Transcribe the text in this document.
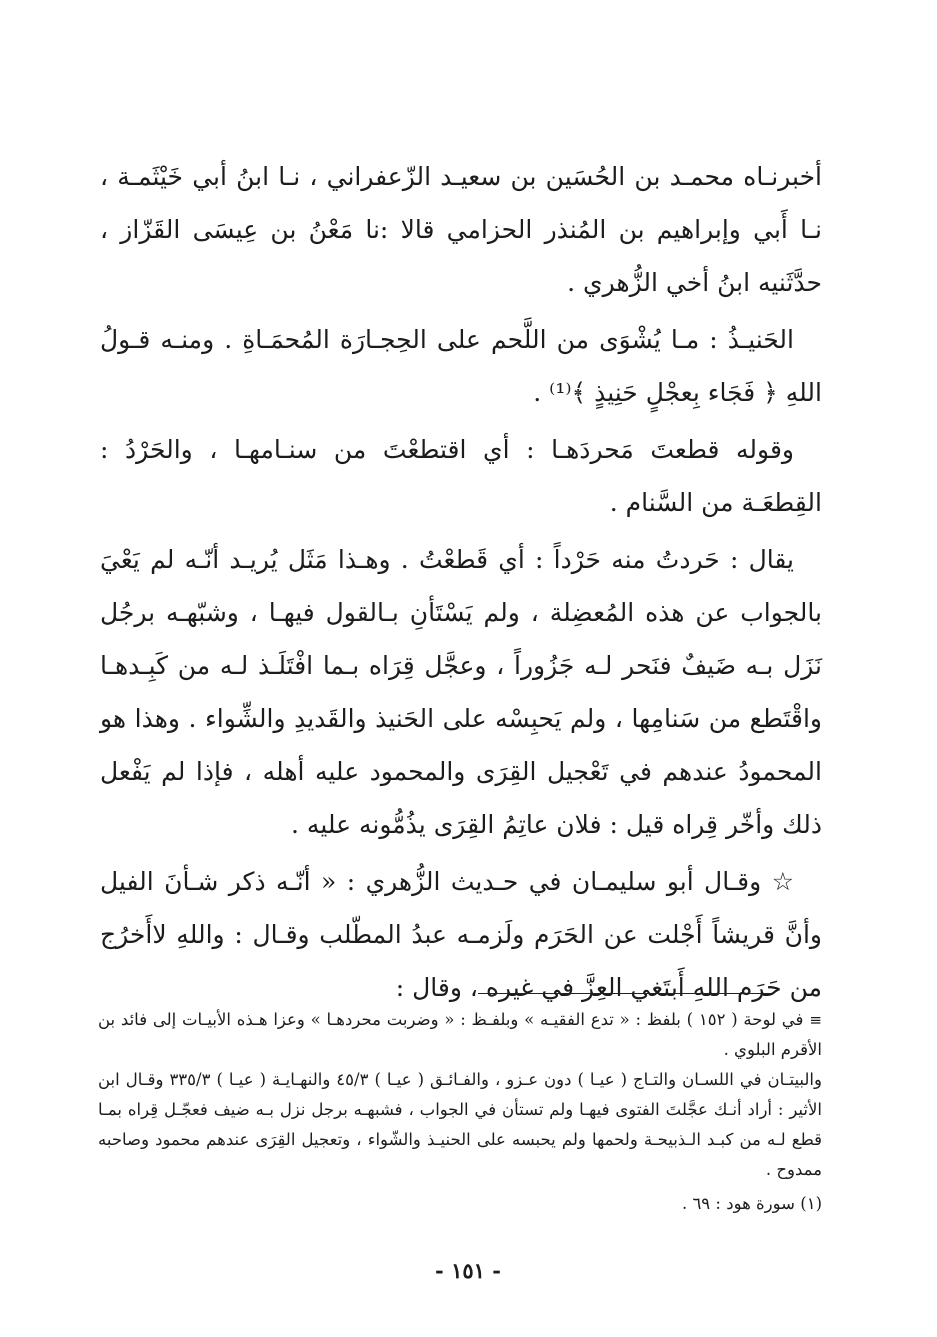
أخبرنـاه محمـد بن الحُسَين بن سعيـد الزّعفراني ، نـا ابنُ أبي خَيْثَمـة ، نـا أَبي وإبراهيم بن المُنذر الحزامي قالا :نا مَعْنُ بن عِيسَى القَزّاز ، حدَّثَنيه ابنُ أخي الزُّهري .

الحَنيـذُ : مـا يُشْوَى من اللَّحم على الحِجـارَة المُحمَـاةِ . ومنـه قـولُ اللهِ ﴿ فَجَاء بِعجْلٍ حَنِيذٍ ﴾⁽¹⁾ .

وقوله قطعتَ مَحردَهـا : أي اقتطعْتَ من سنـامهـا ، والحَرْدُ : القِطعَـة من السَّنام .

يقال : حَردتُ منه حَرْداً : أي قَطعْتُ . وهـذا مَثَل يُريـد أنّـه لم يَعْيَ بالجواب عن هذه المُعضِلة ، ولم يَسْتَأنِ بـالقول فيهـا ، وشبّهـه برجُل نَزَل بـه ضَيفٌ فنَحر لـه جَزُوراً ، وعجَّل قِرَاه بـما افْتَلَـذ لـه من كَبِـدهـا واقْتَطع من سَنامِها ، ولم يَحبِسْه على الحَنيذ والقَديدِ والشِّواء . وهذا هو المحمودُ عندهم في تَعْجيل القِرَى والمحمود عليه أهله ، فإذا لم يَفْعل ذلك وأخّر قِراه قيل : فلان عاتِمُ القِرَى يذُمُّونه عليه .

☆ وقـال أبو سليمـان في حـديث الزُّهري : « أنّـه ذكر شـأنَ الفيل وأنَّ قريشاً أَجْلت عن الحَرَم ولَزمـه عبدُ المطّلب وقـال : واللهِ لاأَخرُج من حَرَم اللهِ أَبتَغي العِزَّ في غيره ، وقال :

≡في لوحة ( ١٥٢ ) بلفظ : « تدع الفقيـه » وبلفـظ : « وضربت محردهـا » وعزا هـذه الأبيـات إلى فائد بن الأقرم البلوي .

والبيتـان في اللسـان والتـاج ( عيـا ) دون عـزو ، والفـائـق ( عيـا ) ٤٥/٣ والنهـايـة ( عيـا ) ٣٣٥/٣ وقـال ابن الأثير : أراد أنـك عجَّلتَ الفتوى فيهـا ولم تستأن في الجواب ، فشبهـه برجل نزل بـه ضيف فعجّـل قِراه بمـا قطع لـه من كبـد الـذبيحـة ولحمها ولم يحبسه على الحنيـذ والشّواء ، وتعجيل القِرَى عندهم محمود وصاحبه ممدوح .

(١) سورة هود : ٦٩ .

- ١٥١ -
